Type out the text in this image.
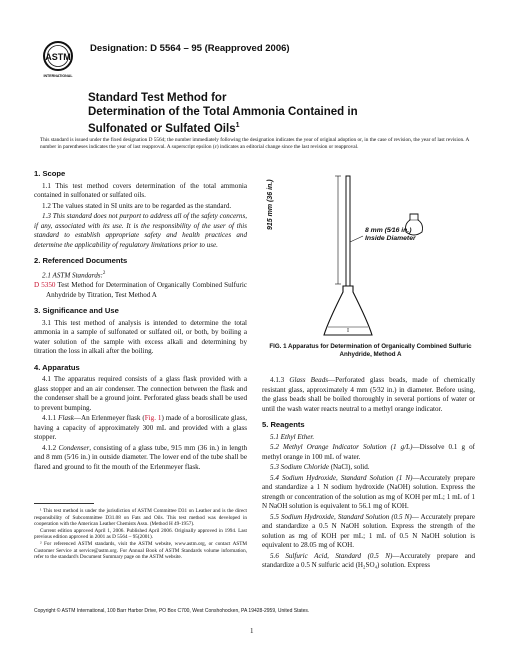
ASTM
INTERNATIONAL
Designation: D 5564 – 95 (Reapproved 2006)
Standard Test Method for
Determination of the Total Ammonia Contained in
Sulfonated or Sulfated Oils$^1$
This standard is issued under the fixed designation D 5564; the number immediately following the designation indicates the year of original adoption or, in the case of revision, the year of last revision. A number in parentheses indicates the year of last reapproval. A superscript epsilon (ε) indicates an editorial change since the last revision or reapproval.
1. Scope
1.1 This test method covers determination of the total ammonia contained in sulfonated or sulfated oils.
1.2 The values stated in SI units are to be regarded as the standard.
1.3 This standard does not purport to address all of the safety concerns, if any, associated with its use. It is the responsibility of the user of this standard to establish appropriate safety and health practices and determine the applicability of regulatory limitations prior to use.
2. Referenced Documents
2.1 ASTM Standards:$^2$
D 5350 Test Method for Determination of Organically Combined Sulfuric Anhydride by Titration, Test Method A
3. Significance and Use
3.1 This test method of analysis is intended to determine the total ammonia in a sample of sulfonated or sulfated oil, or both, by boiling a water solution of the sample with excess alkali and determining by titration the loss in alkali after the boiling.
4. Apparatus
4.1 The apparatus required consists of a glass flask provided with a glass stopper and an air condenser. The connection between the flask and the condenser shall be a ground joint. Perforated glass beads shall be used to prevent bumping.
4.1.1 Flask—An Erlenmeyer flask (Fig. 1) made of a borosilicate glass, having a capacity of approximately 300 mL and provided with a glass stopper.
4.1.2 Condenser, consisting of a glass tube, 915 mm (36 in.) in length and 8 mm (5⁄16 in.) in outside diameter. The lower end of the tube shall be flared and ground to fit the mouth of the Erlenmeyer flask.
¹ This test method is under the jurisdiction of ASTM Committee D31 on Leather and is the direct responsibility of Subcommittee D31.08 on Fats and Oils. This test method was developed in cooperation with the American Leather Chemists Assn. (Method H 49-1957).
Current edition approved April 1, 2006. Published April 2006. Originally approved in 1994. Last previous edition approved in 2001 as D 5564 – 95(2001).
² For referenced ASTM standards, visit the ASTM website, www.astm.org, or contact ASTM Customer Service at service@astm.org. For Annual Book of ASTM Standards volume information, refer to the standard's Document Summary page on the ASTM website.
I
915 mm (36 in.)
8 mm (5⁄16 in.)
Inside Diameter
FIG. 1 Apparatus for Determination of Organically Combined Sulfuric Anhydride, Method A
4.1.3 Glass Beads—Perforated glass beads, made of chemically resistant glass, approximately 4 mm (5⁄32 in.) in diameter. Before using, the glass beads shall be boiled thoroughly in several portions of water or until the wash water reacts neutral to a methyl orange indicator.
5. Reagents
5.1 Ethyl Ether.
5.2 Methyl Orange Indicator Solution (1 g/L)—Dissolve 0.1 g of methyl orange in 100 mL of water.
5.3 Sodium Chloride (NaCl), solid.
5.4 Sodium Hydroxide, Standard Solution (1 N)—Accurately prepare and standardize a 1 N sodium hydroxide (NaOH) solution. Express the strength or concentration of the solution as mg of KOH per mL; 1 mL of 1 N NaOH solution is equivalent to 56.1 mg of KOH.
5.5 Sodium Hydroxide, Standard Solution (0.5 N)— Accurately prepare and standardize a 0.5 N NaOH solution. Express the strength of the solution as mg of KOH per mL; 1 mL of 0.5 N NaOH solution is equivalent to 28.05 mg of KOH.
5.6 Sulfuric Acid, Standard (0.5 N)—Accurately prepare and standardize a 0.5 N sulfuric acid (H₂SO₄) solution. Express
Copyright © ASTM International, 100 Barr Harbor Drive, PO Box C700, West Conshohocken, PA 19428-2959, United States.
1
